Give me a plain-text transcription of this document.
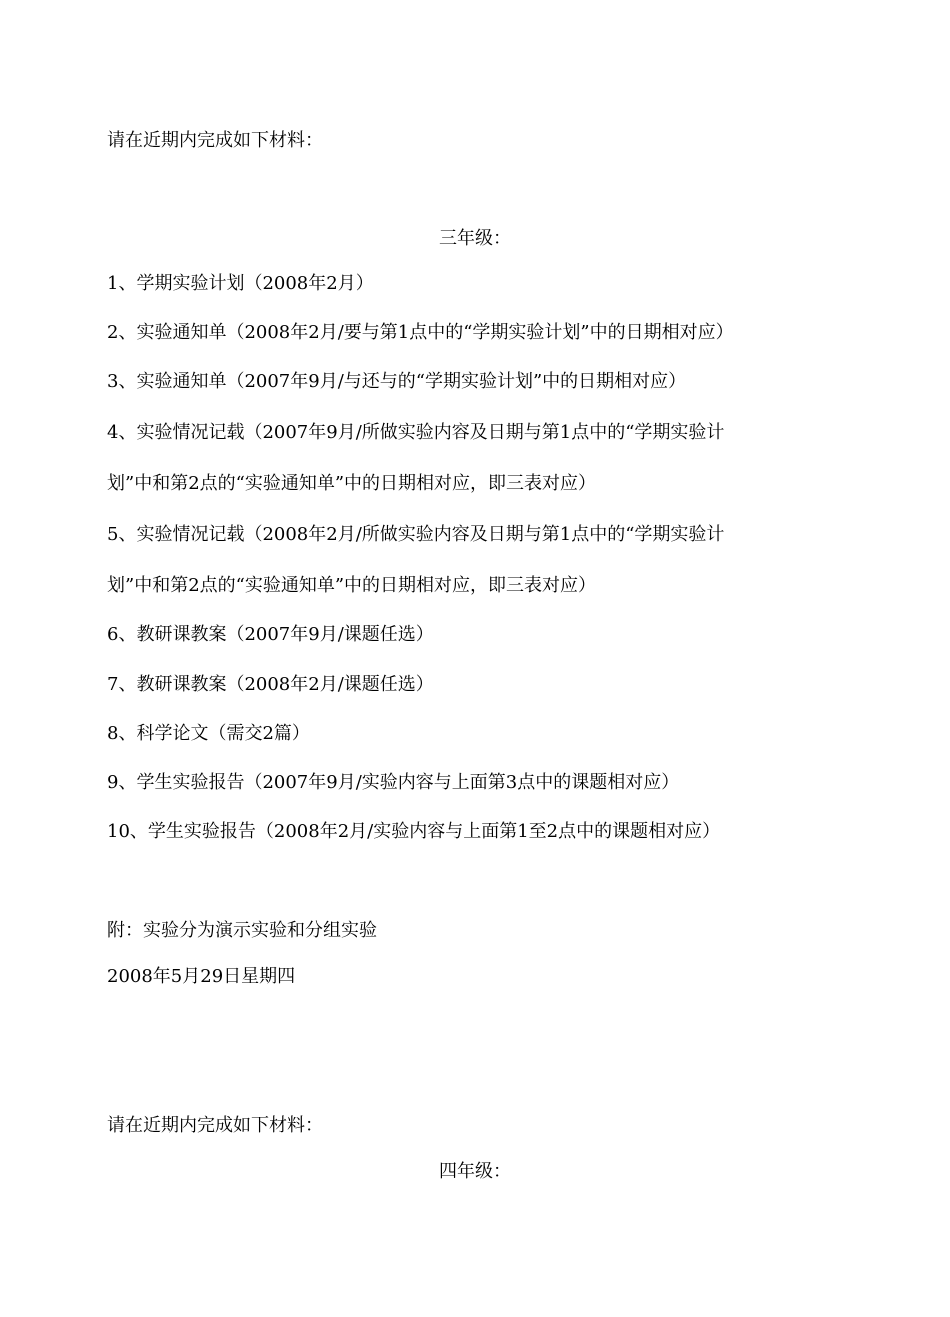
请在近期内完成如下材料：
三年级：
1、学期实验计划（2008年2月）
2、实验通知单（2008年2月/要与第1点中的“学期实验计划”中的日期相对应）
3、实验通知单（2007年9月/与还与的“学期实验计划”中的日期相对应）
4、实验情况记载（2007年9月/所做实验内容及日期与第1点中的“学期实验计
划”中和第2点的“实验通知单”中的日期相对应，即三表对应）
5、实验情况记载（2008年2月/所做实验内容及日期与第1点中的“学期实验计
划”中和第2点的“实验通知单”中的日期相对应，即三表对应）
6、教研课教案（2007年9月/课题任选）
7、教研课教案（2008年2月/课题任选）
8、科学论文（需交2篇）
9、学生实验报告（2007年9月/实验内容与上面第3点中的课题相对应）
10、学生实验报告（2008年2月/实验内容与上面第1至2点中的课题相对应）
附：实验分为演示实验和分组实验
2008年5月29日星期四
请在近期内完成如下材料：
四年级：
